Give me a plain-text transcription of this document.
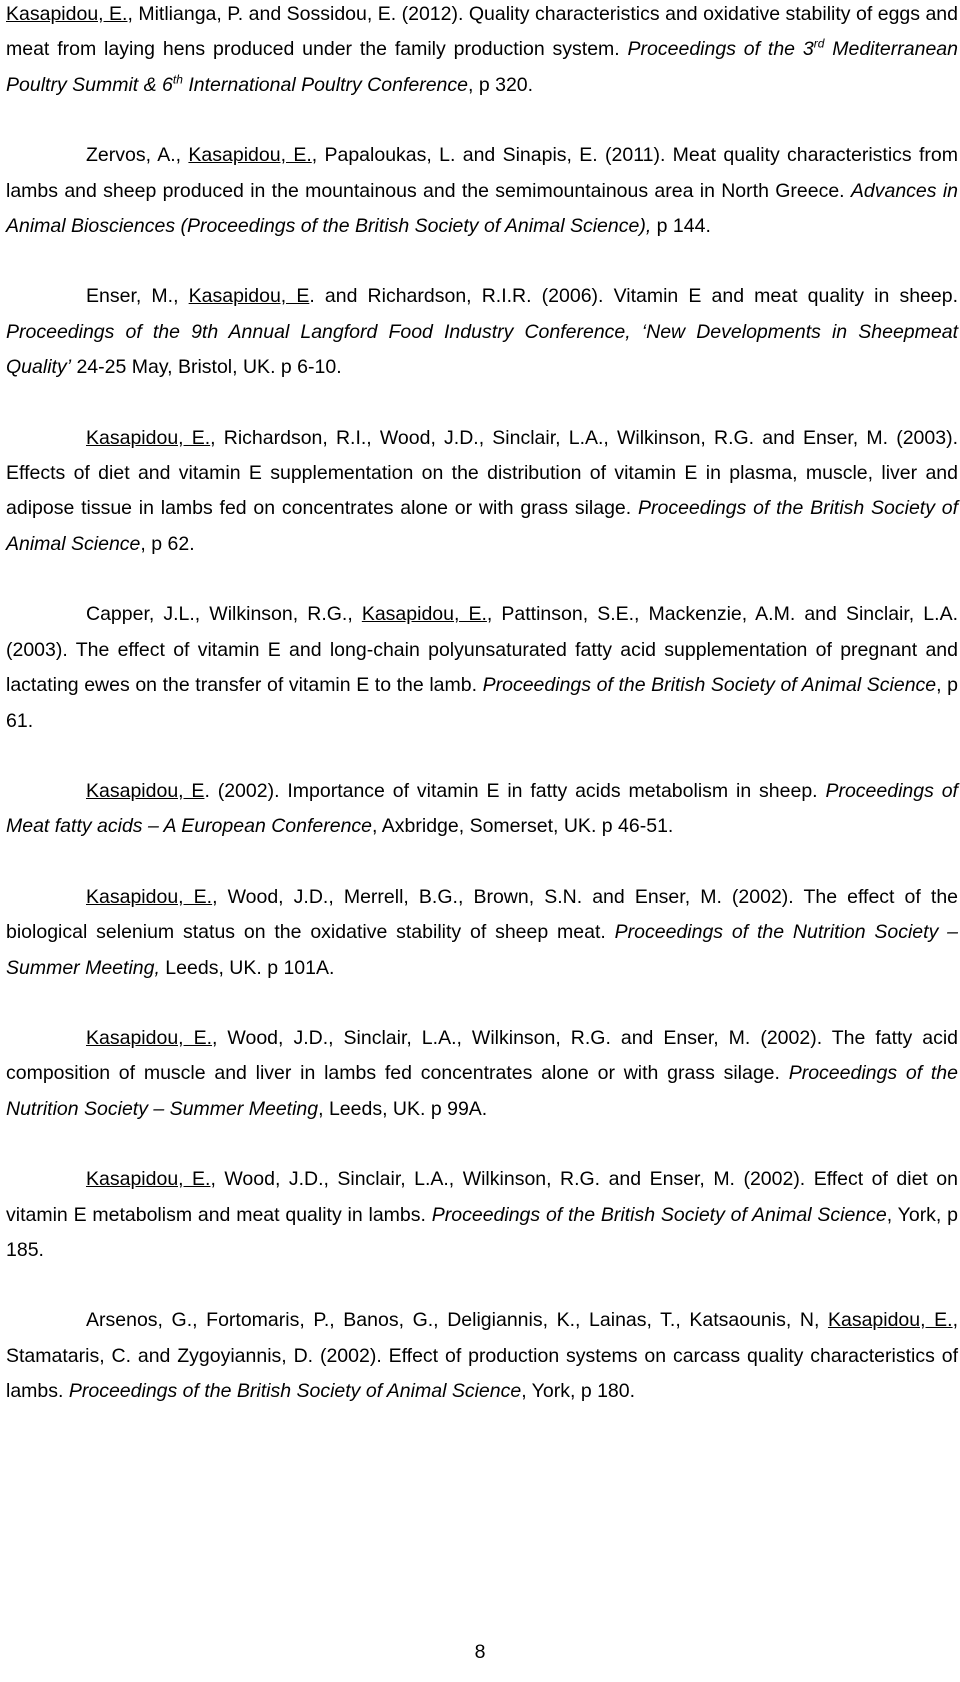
Kasapidou, E., Mitlianga, P. and Sossidou, E. (2012). Quality characteristics and oxidative stability of eggs and meat from laying hens produced under the family production system. Proceedings of the 3rd Mediterranean Poultry Summit & 6th International Poultry Conference, p 320.

Zervos, A., Kasapidou, E., Papaloukas, L. and Sinapis, E. (2011). Meat quality characteristics from lambs and sheep produced in the mountainous and the semimountainous area in North Greece. Advances in Animal Biosciences (Proceedings of the British Society of Animal Science), p 144.

Enser, M., Kasapidou, E. and Richardson, R.I.R. (2006). Vitamin E and meat quality in sheep. Proceedings of the 9th Annual Langford Food Industry Conference, ‘New Developments in Sheepmeat Quality’ 24-25 May, Bristol, UK. p 6-10.

Kasapidou, E., Richardson, R.I., Wood, J.D., Sinclair, L.A., Wilkinson, R.G. and Enser, M. (2003). Effects of diet and vitamin E supplementation on the distribution of vitamin E in plasma, muscle, liver and adipose tissue in lambs fed on concentrates alone or with grass silage. Proceedings of the British Society of Animal Science, p 62.

Capper, J.L., Wilkinson, R.G., Kasapidou, E., Pattinson, S.E., Mackenzie, A.M. and Sinclair, L.A. (2003). The effect of vitamin E and long-chain polyunsaturated fatty acid supplementation of pregnant and lactating ewes on the transfer of vitamin E to the lamb. Proceedings of the British Society of Animal Science, p 61.

Kasapidou, E. (2002). Importance of vitamin E in fatty acids metabolism in sheep. Proceedings of Meat fatty acids – A European Conference, Axbridge, Somerset, UK. p 46-51.

Kasapidou, E., Wood, J.D., Merrell, B.G., Brown, S.N. and Enser, M. (2002). The effect of the biological selenium status on the oxidative stability of sheep meat. Proceedings of the Nutrition Society – Summer Meeting, Leeds, UK. p 101A.

Kasapidou, E., Wood, J.D., Sinclair, L.A., Wilkinson, R.G. and Enser, M. (2002). The fatty acid composition of muscle and liver in lambs fed concentrates alone or with grass silage. Proceedings of the Nutrition Society – Summer Meeting, Leeds, UK. p 99A.

Kasapidou, E., Wood, J.D., Sinclair, L.A., Wilkinson, R.G. and Enser, M. (2002). Effect of diet on vitamin E metabolism and meat quality in lambs. Proceedings of the British Society of Animal Science, York, p 185.

Arsenos, G., Fortomaris, P., Banos, G., Deligiannis, K., Lainas, T., Katsaounis, N, Kasapidou, E., Stamataris, C. and Zygoyiannis, D. (2002). Effect of production systems on carcass quality characteristics of lambs. Proceedings of the British Society of Animal Science, York, p 180.

8
